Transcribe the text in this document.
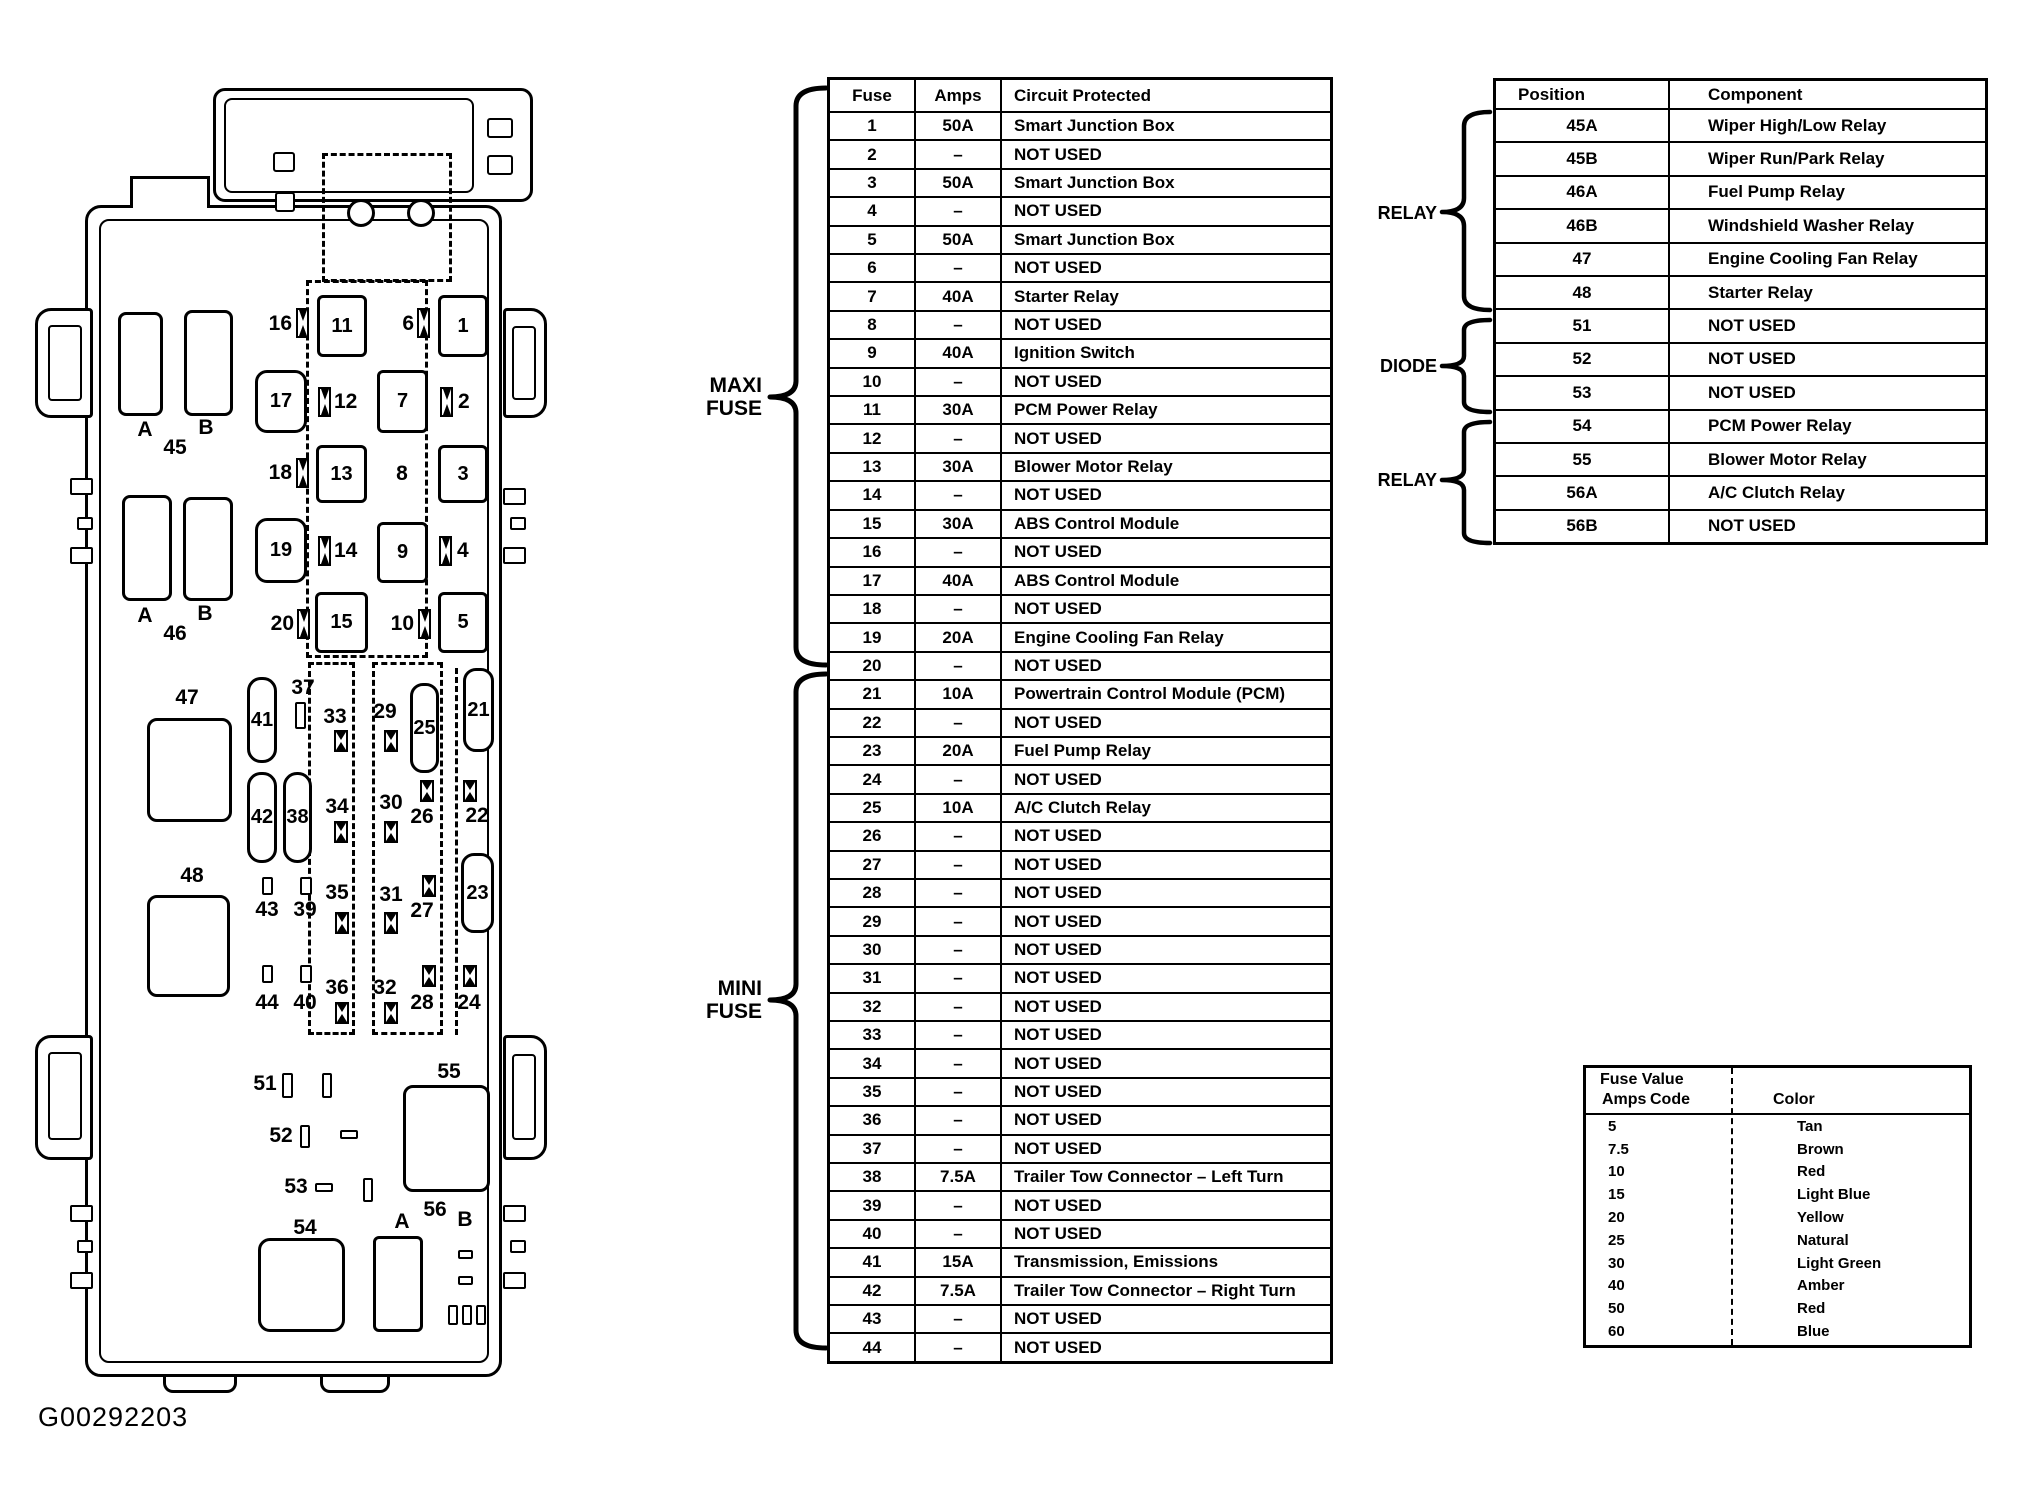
11	1
17	7
13	3
19	9
15	5
41
42 38
25
21
23
A B
45
A B
46
47
48
16	6
12	2
18	8
14	4
20	10
37
33 29
34 30
26 22
35 31
27
36 32
28 24
43 39
44 40
51
52
53
55
54
56
A B
MAXI
FUSE
MINI
FUSE
RELAY
DIODE
RELAY
Fuse	Amps	Circuit Protected
1	50A	Smart Junction Box
2	–	NOT USED
3	50A	Smart Junction Box
4	–	NOT USED
5	50A	Smart Junction Box
6	–	NOT USED
7	40A	Starter Relay
8	–	NOT USED
9	40A	Ignition Switch
10	–	NOT USED
11	30A	PCM Power Relay
12	–	NOT USED
13	30A	Blower Motor Relay
14	–	NOT USED
15	30A	ABS Control Module
16	–	NOT USED
17	40A	ABS Control Module
18	–	NOT USED
19	20A	Engine Cooling Fan Relay
20	–	NOT USED
21	10A	Powertrain Control Module (PCM)
22	–	NOT USED
23	20A	Fuel Pump Relay
24	–	NOT USED
25	10A	A/C Clutch Relay
26	–	NOT USED
27	–	NOT USED
28	–	NOT USED
29	–	NOT USED
30	–	NOT USED
31	–	NOT USED
32	–	NOT USED
33	–	NOT USED
34	–	NOT USED
35	–	NOT USED
36	–	NOT USED
37	–	NOT USED
38	7.5A	Trailer Tow Connector – Left Turn
39	–	NOT USED
40	–	NOT USED
41	15A	Transmission, Emissions
42	7.5A	Trailer Tow Connector – Right Turn
43	–	NOT USED
44	–	NOT USED
Position	Component
45A	Wiper High/Low Relay
45B	Wiper Run/Park Relay
46A	Fuel Pump Relay
46B	Windshield Washer Relay
47	Engine Cooling Fan Relay
48	Starter Relay
51	NOT USED
52	NOT USED
53	NOT USED
54	PCM Power Relay
55	Blower Motor Relay
56A	A/C Clutch Relay
56B	NOT USED
Fuse Value
Amps Code	Color
5	Tan
7.5	Brown
10	Red
15	Light Blue
20	Yellow
25	Natural
30	Light Green
40	Amber
50	Red
60	Blue
G00292203
